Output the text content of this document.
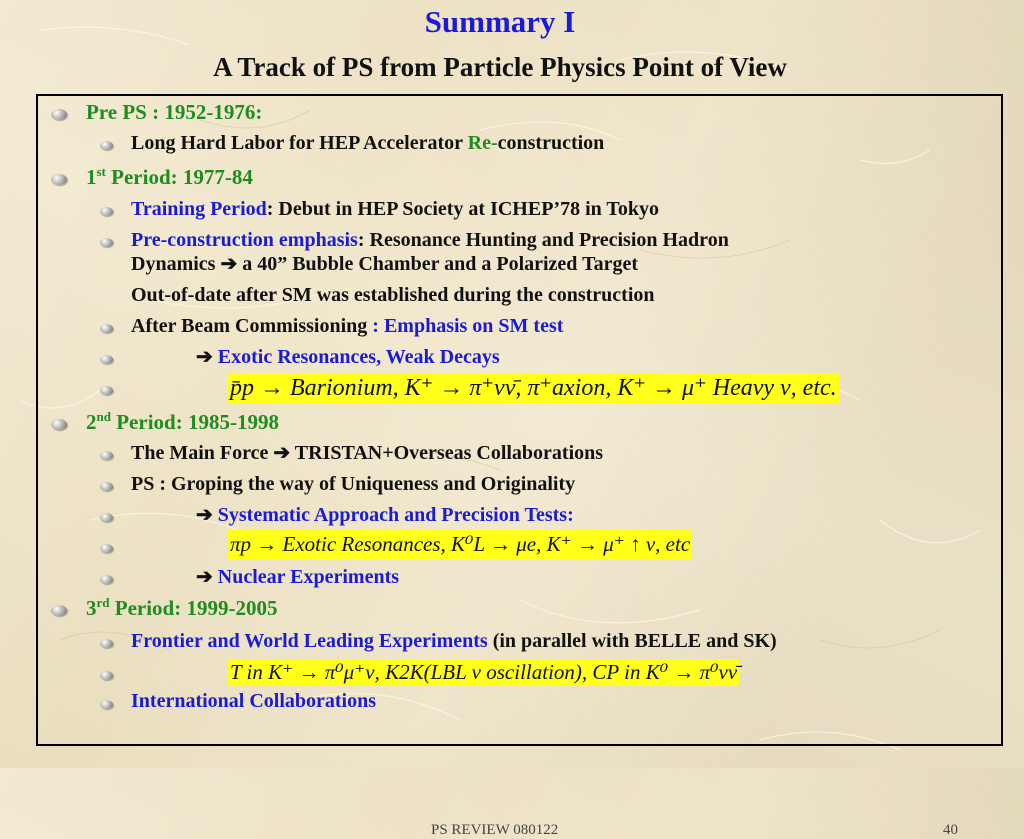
Summary I
A Track of PS from Particle Physics Point of View
Pre PS : 1952-1976:
Long Hard Labor for HEP Accelerator Re-construction
1st Period: 1977-84
Training Period: Debut in HEP Society at ICHEP’78 in Tokyo
Pre-construction emphasis: Resonance Hunting and Precision Hadron
Dynamics ➔ a 40” Bubble Chamber and a Polarized Target
Out-of-date after SM was established during the construction
After Beam Commissioning : Emphasis on SM test
➔ Exotic Resonances, Weak Decays
p̄p → Barionium, K⁺ → π⁺νν̄, π⁺axion, K⁺ → μ⁺ Heavy ν, etc.
2nd Period: 1985-1998
The Main Force ➔ TRISTAN+Overseas Collaborations
PS : Groping the way of Uniqueness and Originality
➔ Systematic Approach and Precision Tests:
πp → Exotic Resonances, K⁰L → μe, K⁺ → μ⁺ ↑ ν, etc
➔ Nuclear Experiments
3rd Period: 1999-2005
Frontier and World Leading Experiments (in parallel with BELLE and SK)
T in K⁺ → π⁰μ⁺ν, K2K(LBL ν oscillation), CP in K⁰ → π⁰νν̄
International Collaborations
PS REVIEW 080122	40
